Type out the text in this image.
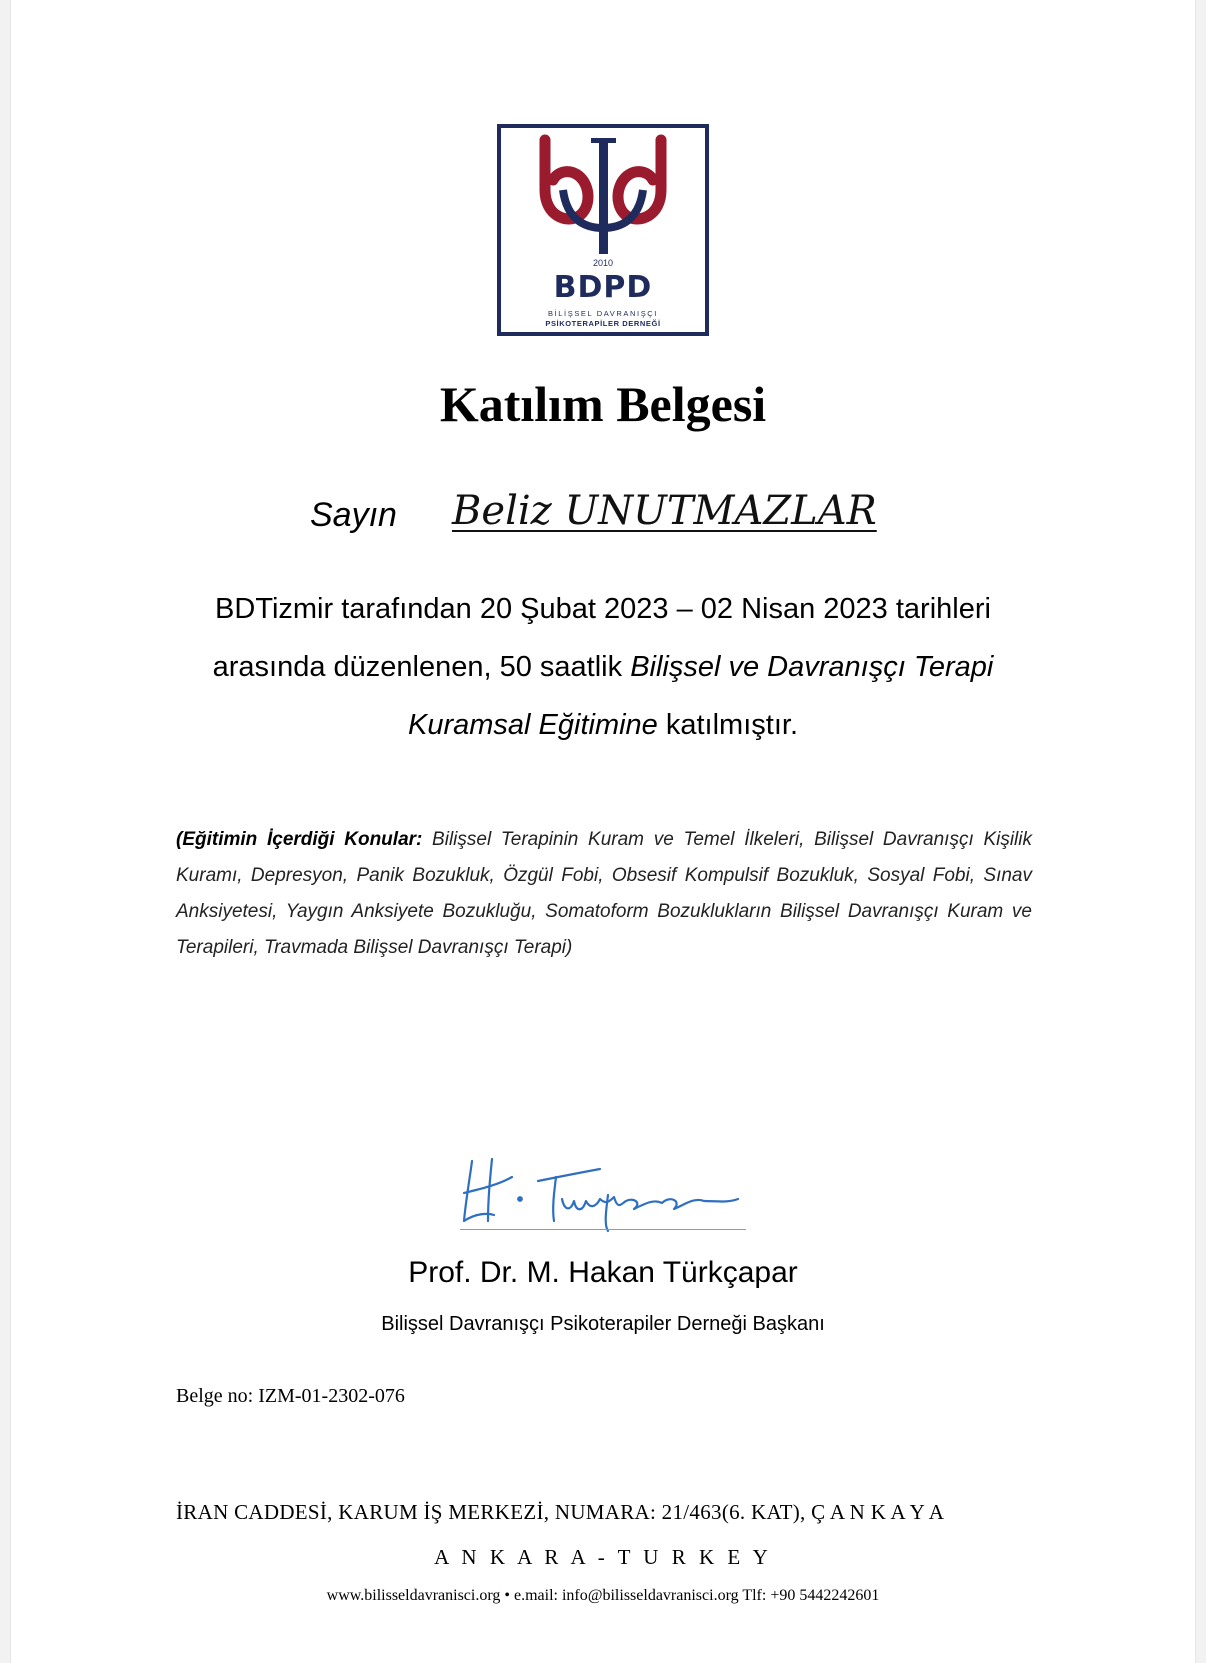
2010
BDPD
BİLİŞSEL DAVRANIŞÇI
PSİKOTERAPİLER DERNEĞİ
Katılım Belgesi
Sayın Beliz UNUTMAZLAR
BDTizmir tarafından 20 Şubat 2023 – 02 Nisan 2023 tarihleri arasında düzenlenen, 50 saatlik Bilişsel ve Davranışçı Terapi Kuramsal Eğitimine katılmıştır.
(Eğitimin İçerdiği Konular: Bilişsel Terapinin Kuram ve Temel İlkeleri, Bilişsel Davranışçı Kişilik Kuramı, Depresyon, Panik Bozukluk, Özgül Fobi, Obsesif Kompulsif Bozukluk, Sosyal Fobi, Sınav Anksiyetesi, Yaygın Anksiyete Bozukluğu, Somatoform Bozuklukların Bilişsel Davranışçı Kuram ve Terapileri, Travmada Bilişsel Davranışçı Terapi)
Prof. Dr. M. Hakan Türkçapar
Bilişsel Davranışçı Psikoterapiler Derneği Başkanı
Belge no: IZM-01-2302-076
İRAN CADDESİ, KARUM İŞ MERKEZİ, NUMARA: 21/463(6. KAT), Ç A N K A Y A
A N K A R A - T U R K E Y
www.bilisseldavranisci.org • e.mail: info@bilisseldavranisci.org Tlf: +90 5442242601
